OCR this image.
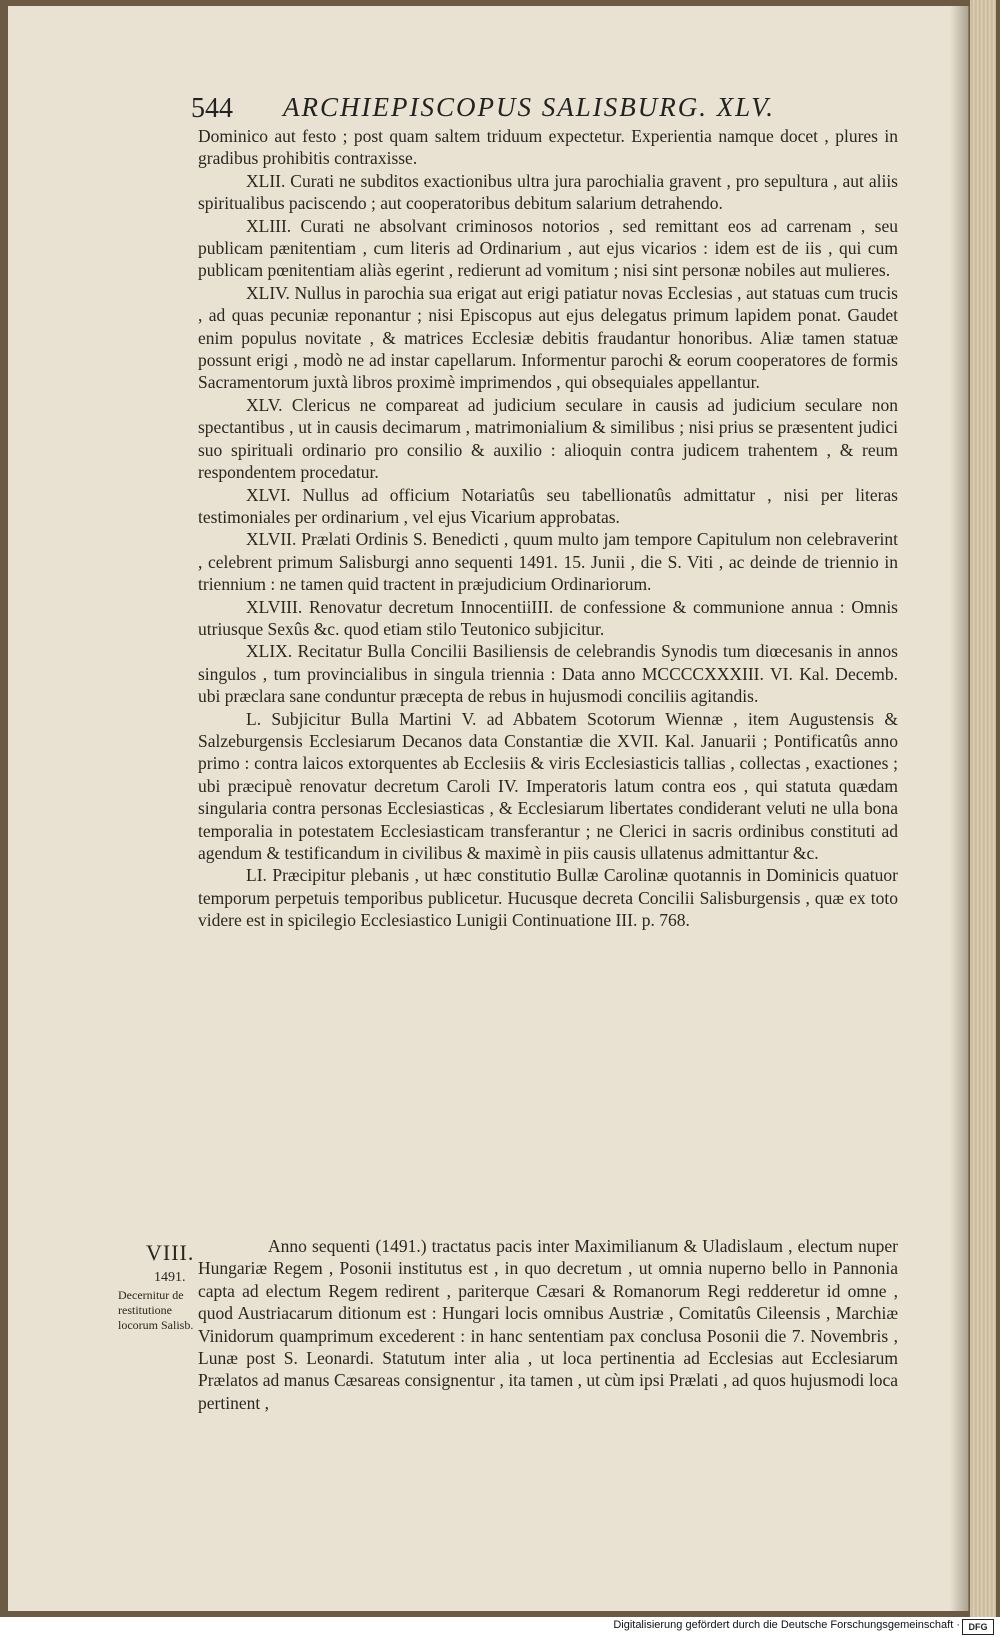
544 ARCHIEPISCOPUS SALISBURG. XLV.

Dominico aut festo ; post quam saltem triduum expectetur. Experientia namque docet , plures in gradibus prohibitis contraxisse.

XLII. Curati ne subditos exactionibus ultra jura parochialia gravent , pro sepultura , aut aliis spiritualibus paciscendo ; aut cooperatoribus debitum salarium detrahendo.

XLIII. Curati ne absolvant criminosos notorios , sed remittant eos ad carrenam , seu publicam pænitentiam , cum literis ad Ordinarium , aut ejus vicarios : idem est de iis , qui cum publicam pœnitentiam aliàs egerint , redierunt ad vomitum ; nisi sint personæ nobiles aut mulieres.

XLIV. Nullus in parochia sua erigat aut erigi patiatur novas Ecclesias , aut statuas cum trucis , ad quas pecuniæ reponantur ; nisi Episcopus aut ejus delegatus primum lapidem ponat. Gaudet enim populus novitate , & matrices Ecclesiæ debitis fraudantur honoribus. Aliæ tamen statuæ possunt erigi , modò ne ad instar capellarum. Informentur parochi & eorum cooperatores de formis Sacramentorum juxtà libros proximè imprimendos , qui obsequiales appellantur.

XLV. Clericus ne compareat ad judicium seculare in causis ad judicium seculare non spectantibus , ut in causis decimarum , matrimonialium & similibus ; nisi prius se præsentent judici suo spirituali ordinario pro consilio & auxilio : alioquin contra judicem trahentem , & reum respondentem procedatur.

XLVI. Nullus ad officium Notariatûs seu tabellionatûs admittatur , nisi per literas testimoniales per ordinarium , vel ejus Vicarium approbatas.

XLVII. Prælati Ordinis S. Benedicti , quum multo jam tempore Capitulum non celebraverint , celebrent primum Salisburgi anno sequenti 1491. 15. Junii , die S. Viti , ac deinde de triennio in triennium : ne tamen quid tractent in præjudicium Ordinariorum.

XLVIII. Renovatur decretum InnocentiiIII. de confessione & communione annua : Omnis utriusque Sexûs &c. quod etiam stilo Teutonico subjicitur.

XLIX. Recitatur Bulla Concilii Basiliensis de celebrandis Synodis tum diœcesanis in annos singulos , tum provincialibus in singula triennia : Data anno MCCCCXXXIII. VI. Kal. Decemb. ubi præclara sane conduntur præcepta de rebus in hujusmodi conciliis agitandis.

L. Subjicitur Bulla Martini V. ad Abbatem Scotorum Wiennæ , item Augustensis & Salzeburgensis Ecclesiarum Decanos data Constantiæ die XVII. Kal. Januarii ; Pontificatûs anno primo : contra laicos extorquentes ab Ecclesiis & viris Ecclesiasticis tallias , collectas , exactiones ; ubi præcipuè renovatur decretum Caroli IV. Imperatoris latum contra eos , qui statuta quædam singularia contra personas Ecclesiasticas , & Ecclesiarum libertates condiderant veluti ne ulla bona temporalia in potestatem Ecclesiasticam transferantur ; ne Clerici in sacris ordinibus constituti ad agendum & testificandum in civilibus & maximè in piis causis ullatenus admittantur &c.

LI. Præcipitur plebanis , ut hæc constitutio Bullæ Carolinæ quotannis in Dominicis quatuor temporum perpetuis temporibus publicetur. Hucusque decreta Concilii Salisburgensis , quæ ex toto videre est in spicilegio Ecclesiastico Lunigii Continuatione III. p. 768.

VIII.
1491.
Decernitur de restitutione locorum Salisb.

Anno sequenti (1491.) tractatus pacis inter Maximilianum & Uladislaum , electum nuper Hungariæ Regem , Posonii institutus est , in quo decretum , ut omnia nuperno bello in Pannonia capta ad electum Regem redirent , pariterque Cæsari & Romanorum Regi redderetur id omne , quod Austriacarum ditionum est : Hungari locis omnibus Austriæ , Comitatûs Cileensis , Marchiæ Vinidorum quamprimum excederent : in hanc sententiam pax conclusa Posonii die 7. Novembris , Lunæ post S. Leonardi. Statutum inter alia , ut loca pertinentia ad Ecclesias aut Ecclesiarum Prælatos ad manus Cæsareas consignentur , ita tamen , ut cùm ipsi Prælati , ad quos hujusmodi loca pertinent ,

Digitalisierung gefördert durch die Deutsche Forschungsgemeinschaft · DFG
